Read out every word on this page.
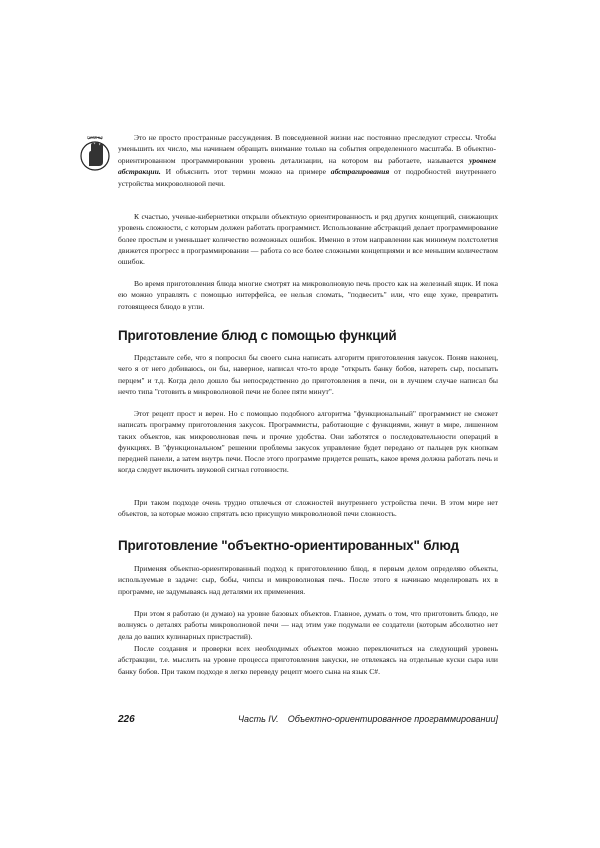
ПОМНИ!	Это не просто пространные рассуждения. В повседневной жизни нас постоянно преследуют стрессы. Чтобы уменьшить их число, мы начинаем обращать внимание только на события определенного масштаба. В объектно-ориентированном программировании уровень детализации, на котором вы работаете, называется уровнем абстракции. И объяснить этот термин можно на примере абстрагирования от подробностей внутреннего устройства микроволновой печи.

К счастью, ученые-кибернетики открыли объектную ориентированность и ряд других концепций, снижающих уровень сложности, с которым должен работать программист. Использование абстракций делает программирование более простым и уменьшает количество возможных ошибок. Именно в этом направлении как минимум полстолетия движется прогресс в программировании — работа со все более сложными концепциями и все меньшим количеством ошибок.

Во время приготовления блюда многие смотрят на микроволновую печь просто как на железный ящик. И пока ею можно управлять с помощью интерфейса, ее нельзя сломать, "подвесить" или, что еще хуже, превратить готовящееся блюдо в угли.

Приготовление блюд с помощью функций

Представьте себе, что я попросил бы своего сына написать алгоритм приготовления закусок. Поняв наконец, чего я от него добиваюсь, он бы, наверное, написал что-то вроде "открыть банку бобов, натереть сыр, посыпать перцем" и т.д. Когда дело дошло бы непосредственно до приготовления в печи, он в лучшем случае написал бы нечто типа "готовить в микроволновой печи не более пяти минут".

Этот рецепт прост и верен. Но с помощью подобного алгоритма "функциональный" программист не сможет написать программу приготовления закусок. Программисты, работающие с функциями, живут в мире, лишенном таких объектов, как микроволновая печь и прочие удобства. Они заботятся о последовательности операций в функциях. В "функциональном" решении проблемы закусок управление будет передано от пальцев рук кнопкам передней панели, а затем внутрь печи. После этого программе придется решать, какое время должна работать печь и когда следует включить звуковой сигнал готовности.

При таком подходе очень трудно отвлечься от сложностей внутреннего устройства печи. В этом мире нет объектов, за которые можно спрятать всю присущую микроволновой печи сложность.

Приготовление "объектно-ориентированных" блюд

Применяя объектно-ориентированный подход к приготовлению блюд, я первым делом определяю объекты, используемые в задаче: сыр, бобы, чипсы и микроволновая печь. После этого я начинаю моделировать их в программе, не задумываясь над деталями их применения.

При этом я работаю (и думаю) на уровне базовых объектов. Главное, думать о том, что приготовить блюдо, не волнуясь о деталях работы микроволновой печи — над этим уже подумали ее создатели (которым абсолютно нет дела до ваших кулинарных пристрастий).

После создания и проверки всех необходимых объектов можно переключиться на следующий уровень абстракции, т.е. мыслить на уровне процесса приготовления закуски, не отвлекаясь на отдельные куски сыра или банку бобов. При таком подходе я легко переведу рецепт моего сына на язык C#.

226	Часть IV. Объектно-ориентированное программировании]
